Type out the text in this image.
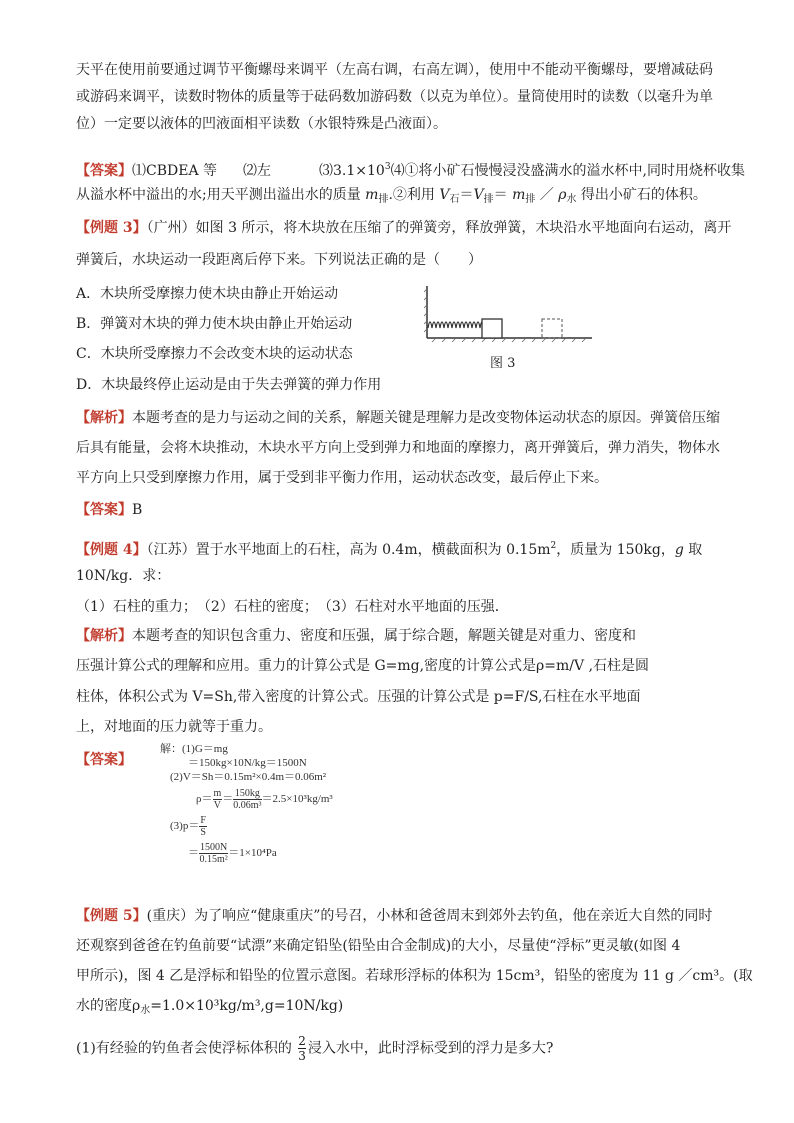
天平在使用前要通过调节平衡螺母来调平（左高右调，右高左调），使用中不能动平衡螺母，要增减砝码
或游码来调平，读数时物体的质量等于砝码数加游码数（以克为单位）。量筒使用时的读数（以毫升为单
位）一定要以液体的凹液面相平读数（水银特殊是凸液面）。
【答案】⑴CBDEA 等 ⑵左	$⑶3.1\times 10^3⑷①$将小矿石慢慢浸没盛满水的溢水杯中,同时用烧杯收集
从溢水杯中溢出的水;用天平测出溢出水的质量 $m_排.②$利用 $V_石=V_排= m_排$ ／ $\rho_水$ 得出小矿石的体积。
【例题 3】（广州）如图 3 所示，将木块放在压缩了的弹簧旁，释放弹簧，木块沿水平地面向右运动，离开
弹簧后，水块运动一段距离后停下来。下列说法正确的是（　　）
A．木块所受摩擦力使木块由静止开始运动
B．弹簧对木块的弹力使木块由静止开始运动
C．木块所受摩擦力不会改变木块的运动状态
D．木块最终停止运动是由于失去弹簧的弹力作用
图 3
【解析】本题考查的是力与运动之间的关系，解题关键是理解力是改变物体运动状态的原因。弹簧倍压缩
后具有能量，会将木块推动，木块水平方向上受到弹力和地面的摩擦力，离开弹簧后，弹力消失，物体水
平方向上只受到摩擦力作用，属于受到非平衡力作用，运动状态改变，最后停止下来。
【答案】B
【例题 4】（江苏）置于水平地面上的石柱，高为 0.4m，横截面积为 $0.15m^2$，质量为 150kg，g 取
10N/kg．求：
（1）石柱的重力；　（2）石柱的密度；　（3）石柱对水平地面的压强．
【解析】本题考查的知识包含重力、密度和压强，属于综合题，解题关键是对重力、密度和
压强计算公式的理解和应用。重力的计算公式是 G=mg,密度的计算公式是ρ=m/V ,石柱是圆
柱体，体积公式为 V=Sh,带入密度的计算公式。压强的计算公式是 p=F/S,石柱在水平地面
上，对地面的压力就等于重力。
【答案】
解：(1)G＝mg
＝150kg×10N/kg＝1500N
(2)V＝Sh＝0.15m²×0.4m＝0.06m²
$\rho= \frac{m}{V} = \frac{150kg}{\text{0.06m³}} =2.5\times 10^3kg/m^3$
$(3)p= \frac{F}{S}$
＝ $\frac{1500N}{\text{0.15m²}} =1\times 10^4Pa$
【例题 5】(重庆）为了响应“健康重庆”的号召，小林和爸爸周末到郊外去钓鱼，他在亲近大自然的同时
还观察到爸爸在钓鱼前要“试漂”来确定铅坠(铅坠由合金制成)的大小，尽量使“浮标”更灵敏(如图 4
甲所示)，图 4 乙是浮标和铅坠的位置示意图。若球形浮标的体积为 15cm³，铅坠的密度为 11 g ／cm³。(取
水的密度$\rho_水=1.0\times 10^3kg/m^3,g=10N/kg$)
(1)有经验的钓鱼者会使浮标体积的 $\frac{2}{3}$ 浸入水中，此时浮标受到的浮力是多大?
